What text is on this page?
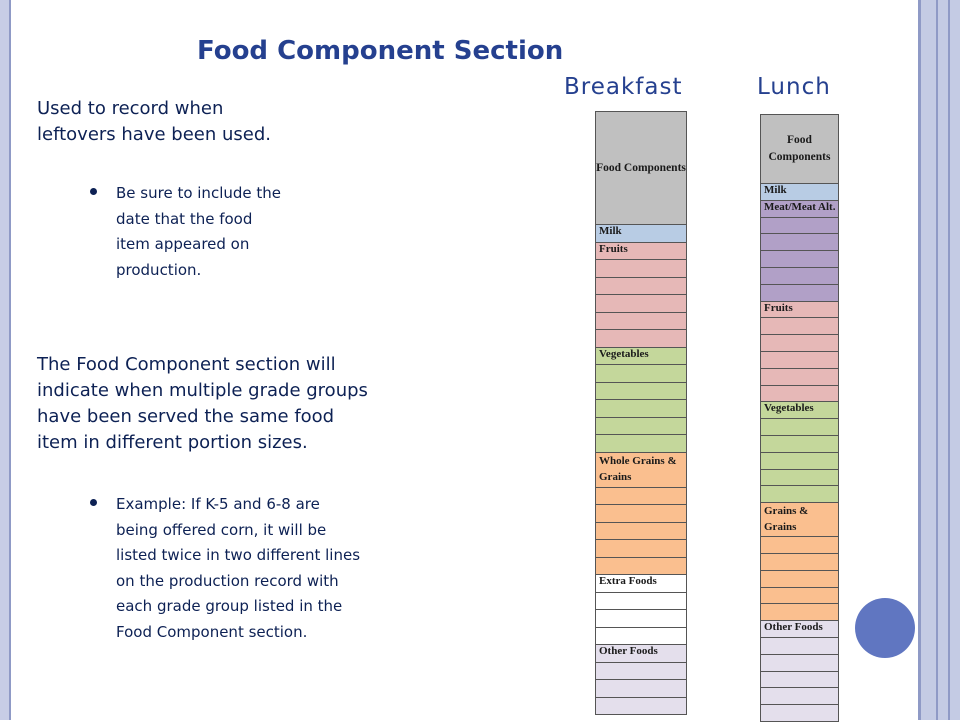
Food Component Section
Breakfast	Lunch
Used to record when leftovers have been used.
Be sure to include the date that the food item appeared on production.
The Food Component section will indicate when multiple grade groups have been served the same food item in different portion sizes.
Example: If K-5 and 6-8 are being offered corn, it will be listed twice in two different lines on the production record with each grade group listed in the Food Component section.
Food Components
Milk
Fruits

Vegetables

Whole Grains & Grains

Extra Foods

Other Foods

Food Components
Milk
Meat/Meat Alt.

Fruits

Vegetables

Grains & Grains

Other Foods
